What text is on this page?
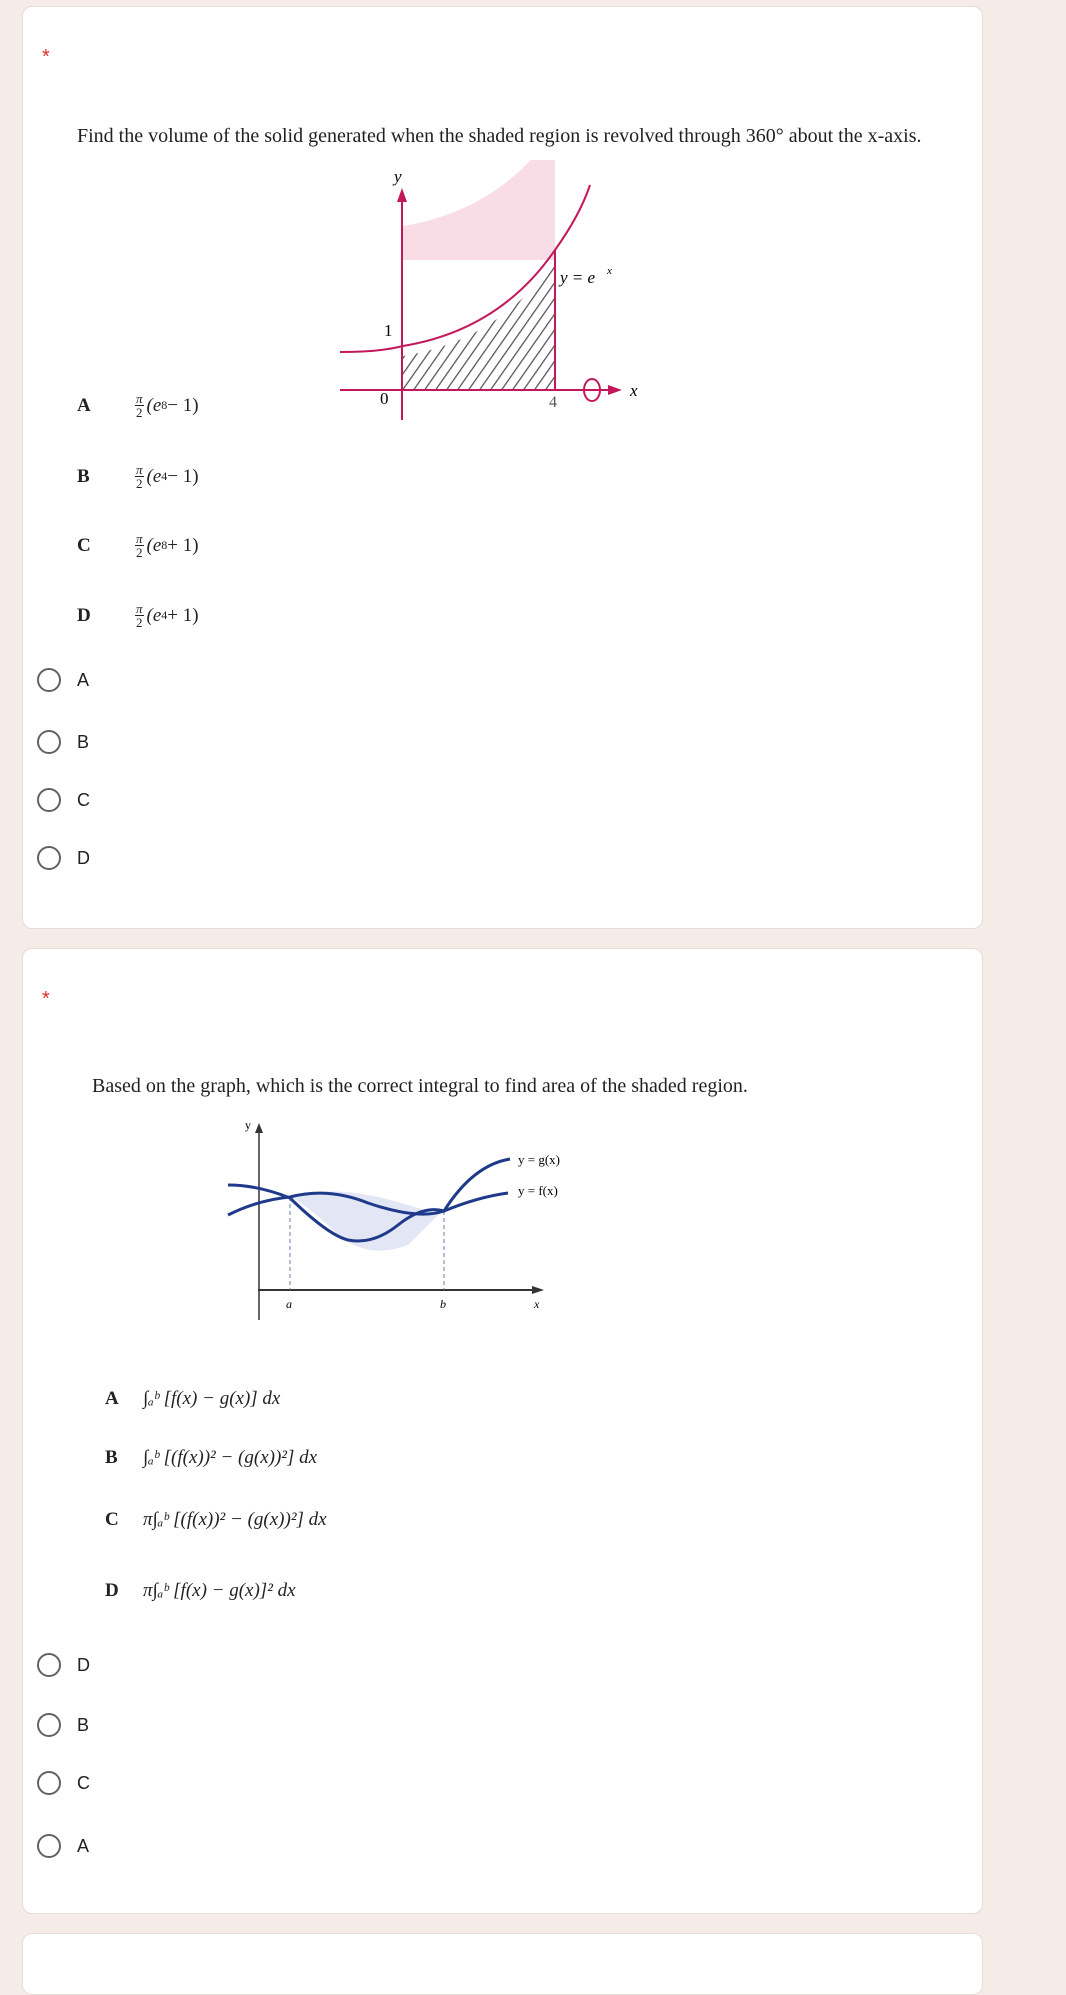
*
Find the volume of the solid generated when the shaded region is revolved through 360° about the x-axis.
y
x
y = e x
1
0	4
A	$\frac{\pi}{2} (e$ 8 − 1)
B	$\frac{\pi}{2} (e$ 4 − 1)
C	$\frac{\pi}{2} (e$ 8 + 1)
D	$\frac{\pi}{2} (e$ 4 + 1)
A
B
C
D
*
Based on the graph, which is the correct integral to find area of the shaded region.
y
x
y = g(x)
y = f(x)
a	b
A	∫ₐᵇ [f(x) − g(x)] dx
B	∫ₐᵇ [(f(x))² − (g(x))²] dx
C	π∫ₐᵇ [(f(x))² − (g(x))²] dx
D	π∫ₐᵇ [f(x) − g(x)]² dx
D
B
C
A
